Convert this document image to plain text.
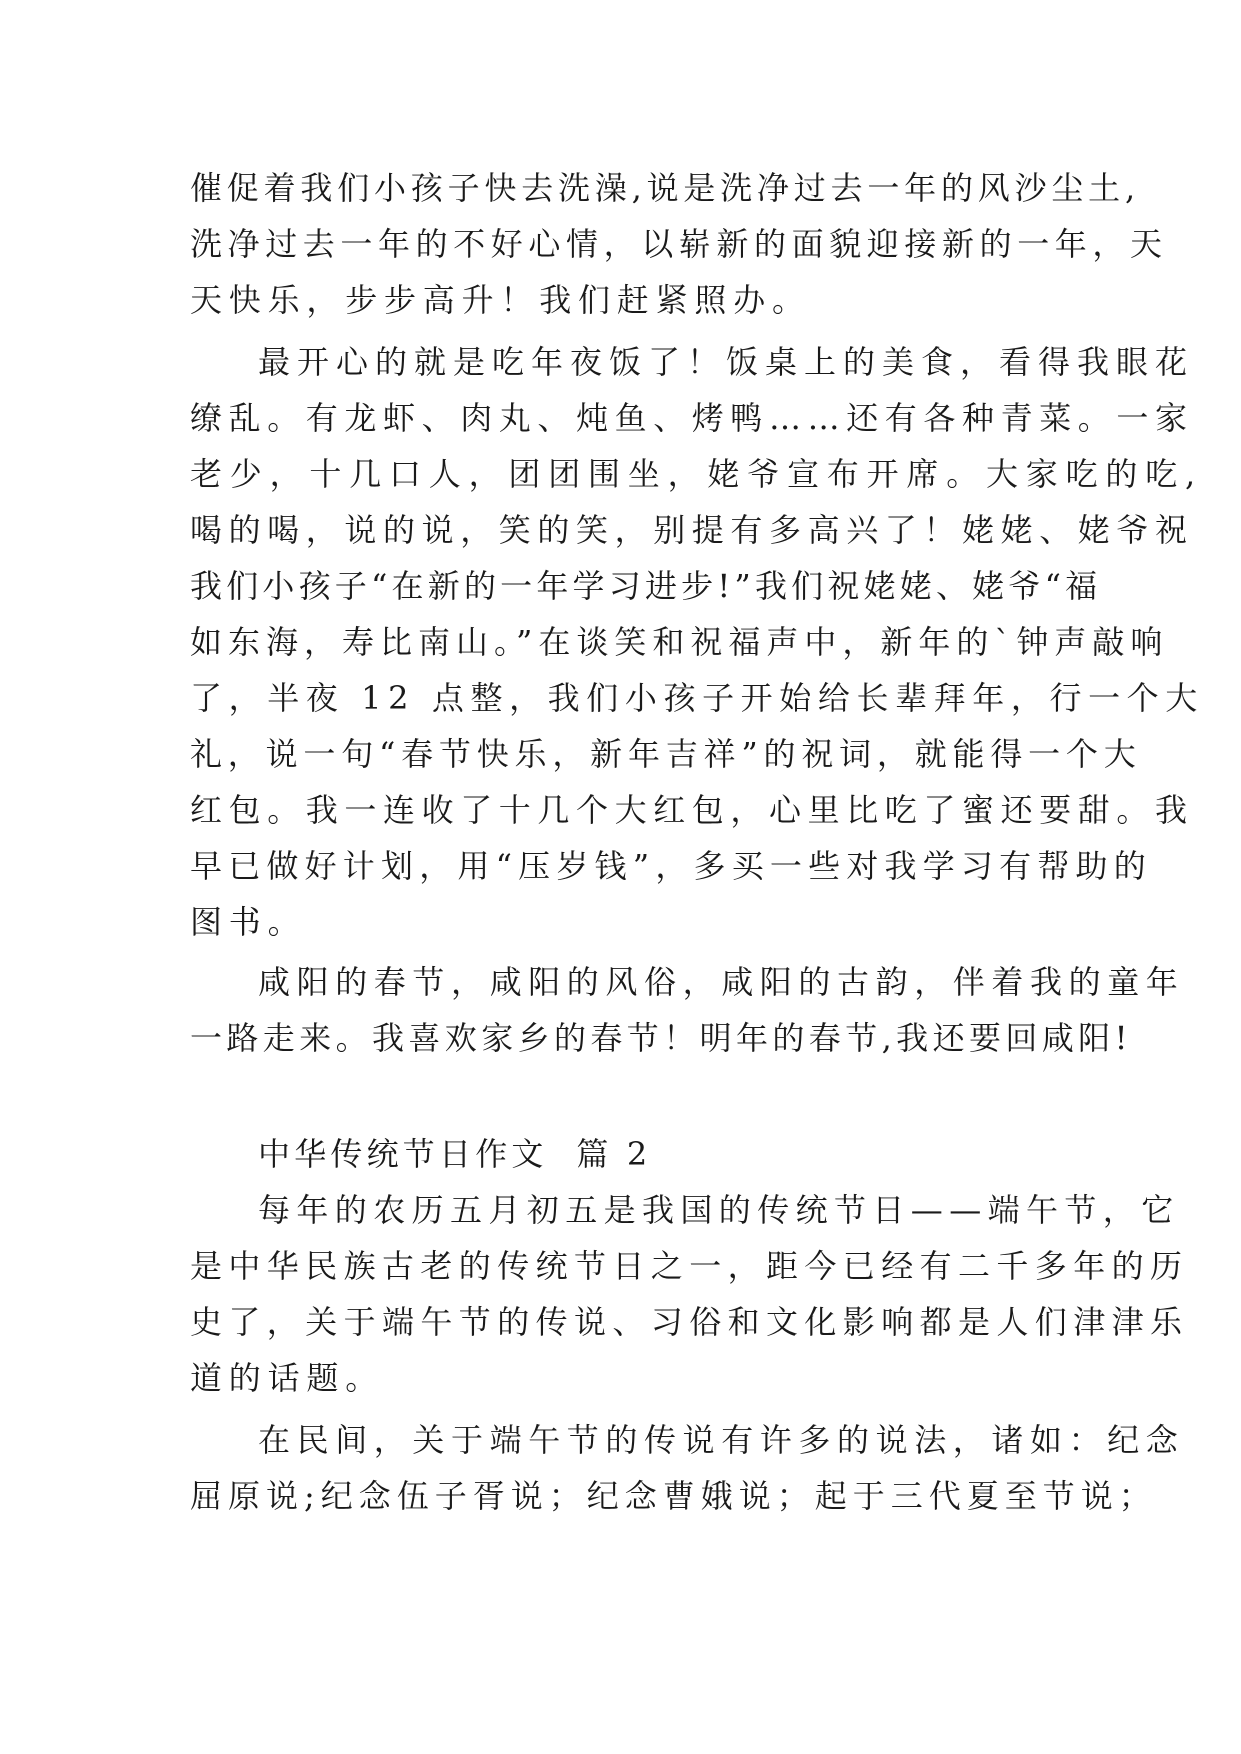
催促着我们小孩子快去洗澡,说是洗净过去一年的风沙尘土,
洗净过去一年的不好心情，以崭新的面貌迎接新的一年，天
天快乐，步步高升！我们赶紧照办。
最开心的就是吃年夜饭了！饭桌上的美食，看得我眼花
缭乱。有龙虾、肉丸、炖鱼、烤鸭……还有各种青菜。一家
老少，十几口人，团团围坐，姥爷宣布开席。大家吃的吃,
喝的喝，说的说，笑的笑，别提有多高兴了！姥姥、姥爷祝
我们小孩子“在新的一年学习进步!”我们祝姥姥、姥爷“福
如东海，寿比南山。”在谈笑和祝福声中，新年的`钟声敲响
了，半夜 12 点整，我们小孩子开始给长辈拜年，行一个大
礼，说一句“春节快乐，新年吉祥”的祝词，就能得一个大
红包。我一连收了十几个大红包，心里比吃了蜜还要甜。我
早已做好计划，用“压岁钱”，多买一些对我学习有帮助的
图书。
咸阳的春节，咸阳的风俗，咸阳的古韵，伴着我的童年
一路走来。我喜欢家乡的春节！明年的春节,我还要回咸阳!
中华传统节日作文  篇 2
每年的农历五月初五是我国的传统节日——端午节，它
是中华民族古老的传统节日之一，距今已经有二千多年的历
史了，关于端午节的传说、习俗和文化影响都是人们津津乐
道的话题。
在民间，关于端午节的传说有许多的说法，诸如：纪念
屈原说;纪念伍子胥说；纪念曹娥说；起于三代夏至节说；
